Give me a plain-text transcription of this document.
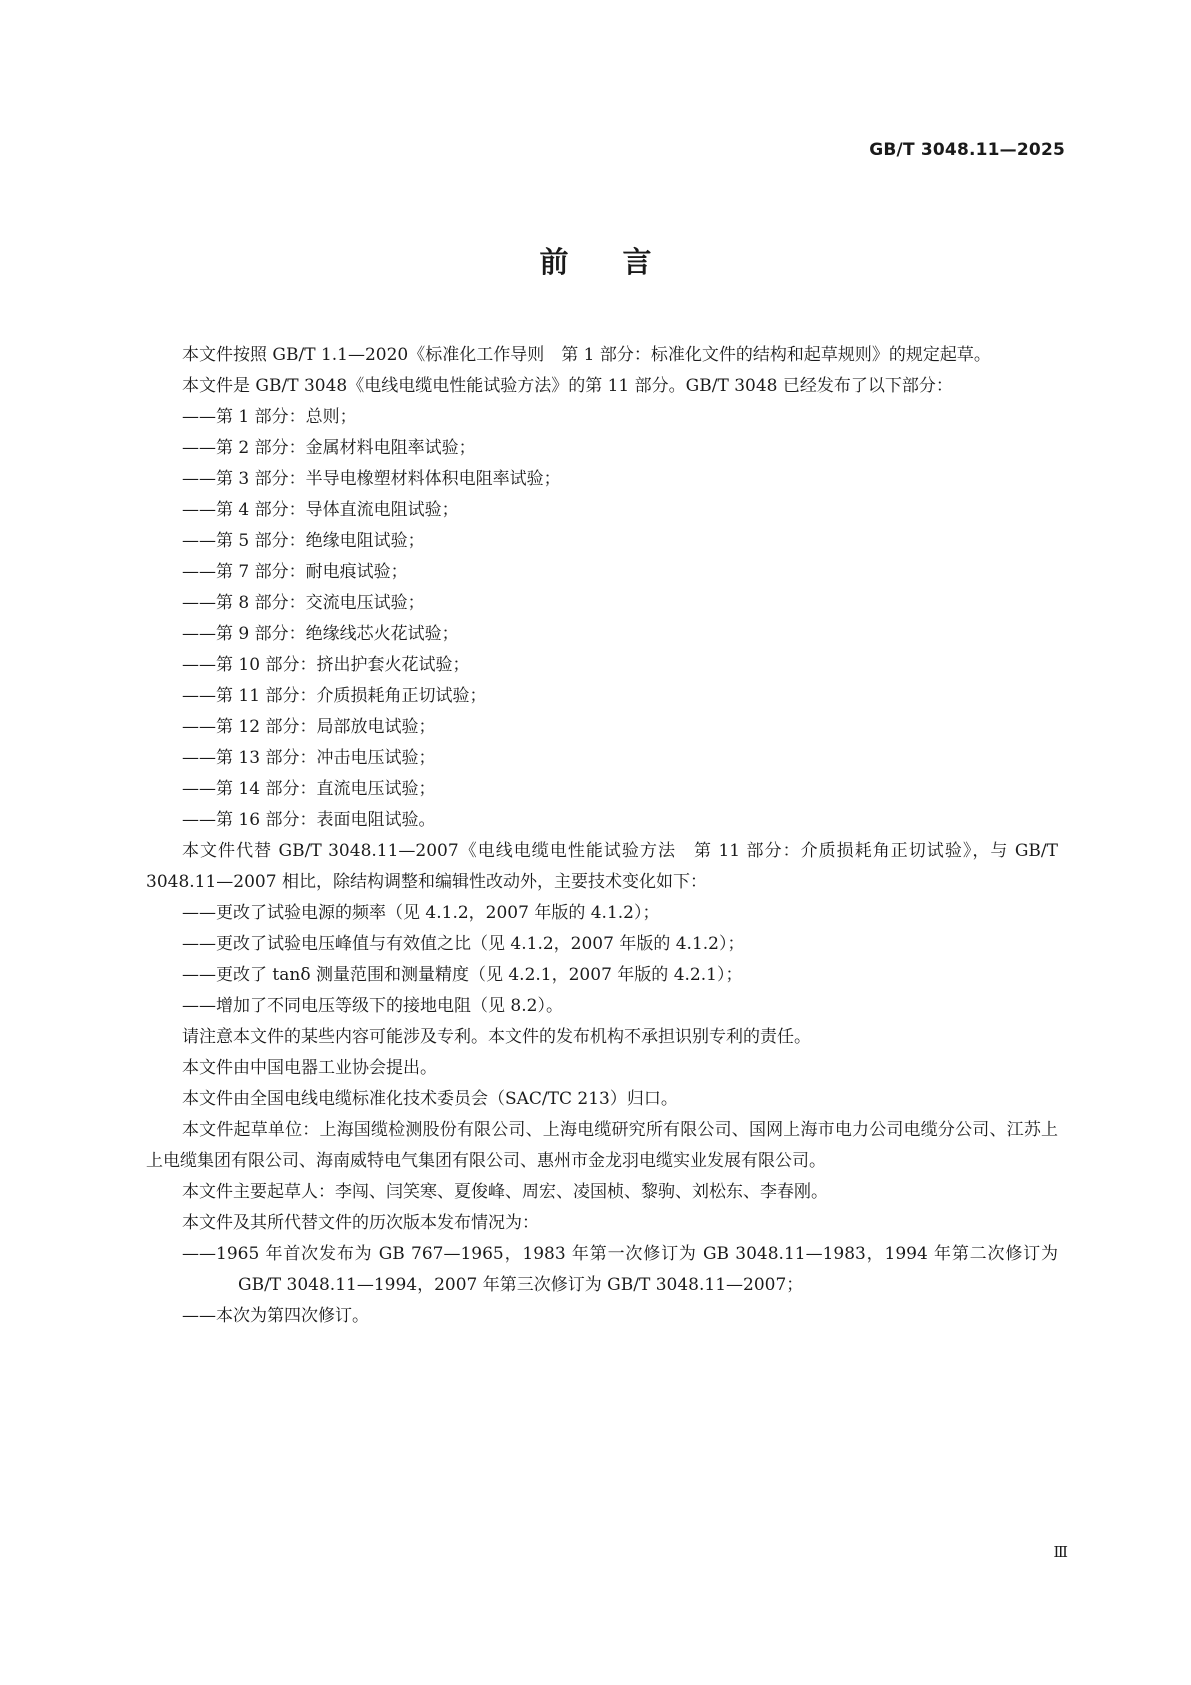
GB/T 3048.11—2025
前言

本文件按照 GB/T 1.1—2020《标准化工作导则　第 1 部分：标准化文件的结构和起草规则》的规定起草。

本文件是 GB/T 3048《电线电缆电性能试验方法》的第 11 部分。GB/T 3048 已经发布了以下部分：

——第 1 部分：总则；

——第 2 部分：金属材料电阻率试验；

——第 3 部分：半导电橡塑材料体积电阻率试验；

——第 4 部分：导体直流电阻试验；

——第 5 部分：绝缘电阻试验；

——第 7 部分：耐电痕试验；

——第 8 部分：交流电压试验；

——第 9 部分：绝缘线芯火花试验；

——第 10 部分：挤出护套火花试验；

——第 11 部分：介质损耗角正切试验；

——第 12 部分：局部放电试验；

——第 13 部分：冲击电压试验；

——第 14 部分：直流电压试验；

——第 16 部分：表面电阻试验。

本文件代替 GB/T 3048.11—2007《电线电缆电性能试验方法　第 11 部分：介质损耗角正切试验》，与 GB/T 3048.11—2007 相比，除结构调整和编辑性改动外，主要技术变化如下：

——更改了试验电源的频率（见 4.1.2，2007 年版的 4.1.2）；

——更改了试验电压峰值与有效值之比（见 4.1.2，2007 年版的 4.1.2）；

——更改了 tanδ 测量范围和测量精度（见 4.2.1，2007 年版的 4.2.1）；

——增加了不同电压等级下的接地电阻（见 8.2）。

请注意本文件的某些内容可能涉及专利。本文件的发布机构不承担识别专利的责任。

本文件由中国电器工业协会提出。

本文件由全国电线电缆标准化技术委员会（SAC/TC 213）归口。

本文件起草单位：上海国缆检测股份有限公司、上海电缆研究所有限公司、国网上海市电力公司电缆分公司、江苏上上电缆集团有限公司、海南威特电气集团有限公司、惠州市金龙羽电缆实业发展有限公司。

本文件主要起草人：李闯、闫笑寒、夏俊峰、周宏、凌国桢、黎驹、刘松东、李春刚。

本文件及其所代替文件的历次版本发布情况为：

——1965 年首次发布为 GB 767—1965，1983 年第一次修订为 GB 3048.11—1983，1994 年第二次修订为 GB/T 3048.11—1994，2007 年第三次修订为 GB/T 3048.11—2007；

——本次为第四次修订。

Ⅲ
